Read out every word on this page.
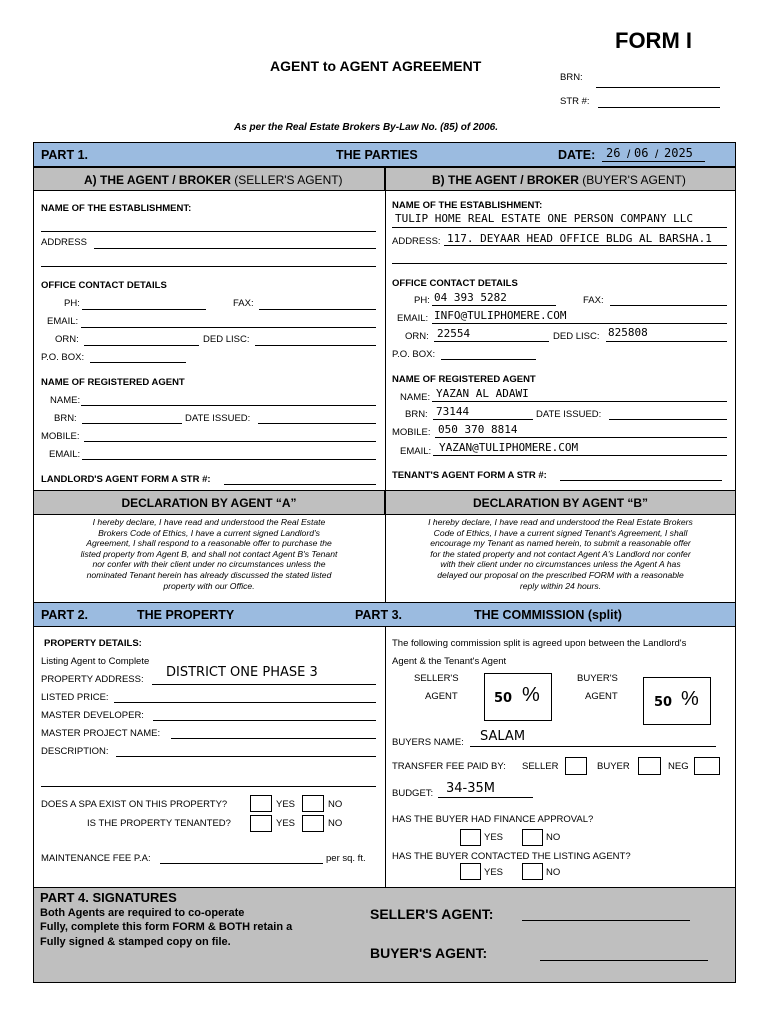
FORM I
AGENT to AGENT AGREEMENT
BRN:
STR #:
As per the Real Estate Brokers By-Law No. (85) of 2006.
PART 1.	THE PARTIES	DATE: 26 / 06 / 2025
A) THE AGENT / BROKER (SELLER'S AGENT)	B) THE AGENT / BROKER (BUYER'S AGENT)
NAME OF THE ESTABLISHMENT:
ADDRESS
OFFICE CONTACT DETAILS
PH:	FAX:
EMAIL:
ORN:	DED LISC:
P.O. BOX:
NAME OF REGISTERED AGENT
NAME:
BRN:	DATE ISSUED:
MOBILE:
EMAIL:
LANDLORD'S AGENT FORM A STR #:
NAME OF THE ESTABLISHMENT:
TULIP HOME REAL ESTATE ONE PERSON COMPANY LLC
ADDRESS: 117. DEYAAR HEAD OFFICE BLDG AL BARSHA.1
OFFICE CONTACT DETAILS
PH: 04 393 5282	FAX:
EMAIL: INFO@TULIPHOMERE.COM
ORN: 22554	DED LISC: 825808
P.O. BOX:
NAME OF REGISTERED AGENT
NAME: YAZAN AL ADAWI
BRN: 73144	DATE ISSUED:
MOBILE: 050 370 8814
EMAIL: YAZAN@TULIPHOMERE.COM
TENANT'S AGENT FORM A STR #:
DECLARATION BY AGENT “A”	DECLARATION BY AGENT “B”
I hereby declare, I have read and understood the Real Estate
Brokers Code of Ethics, I have a current signed Landlord's
Agreement, I shall respond to a reasonable offer to purchase the
listed property from Agent B, and shall not contact Agent B's Tenant
nor confer with their client under no circumstances unless the
nominated Tenant herein has already discussed the stated listed
property with our Office.
I hereby declare, I have read and understood the Real Estate Brokers
Code of Ethics, I have a current signed Tenant's Agreement, I shall
encourage my Tenant as named herein, to submit a reasonable offer
for the stated property and not contact Agent A's Landlord nor confer
with their client under no circumstances unless the Agent A has
delayed our proposal on the prescribed FORM with a reasonable
reply within 24 hours.
PART 2.	THE PROPERTY	PART 3.	THE COMMISSION (split)
PROPERTY DETAILS:
Listing Agent to Complete
PROPERTY ADDRESS: DISTRICT ONE PHASE 3
LISTED PRICE:
MASTER DEVELOPER:
MASTER PROJECT NAME:
DESCRIPTION:
DOES A SPA EXIST ON THIS PROPERTY?	YES	NO
IS THE PROPERTY TENANTED?	YES	NO
MAINTENANCE FEE P.A:	per sq. ft.
The following commission split is agreed upon between the Landlord's
Agent & the Tenant's Agent
SELLER'S
AGENT	50 %
BUYER'S
AGENT	50 %
BUYERS NAME: SALAM
TRANSFER FEE PAID BY: SELLER	BUYER	NEG
BUDGET: 34-35M
HAS THE BUYER HAD FINANCE APPROVAL?
YES	NO
HAS THE BUYER CONTACTED THE LISTING AGENT?
YES	NO
PART 4. SIGNATURES
Both Agents are required to co-operate
Fully, complete this form FORM & BOTH retain a
Fully signed & stamped copy on file.
SELLER'S AGENT:
BUYER'S AGENT:
